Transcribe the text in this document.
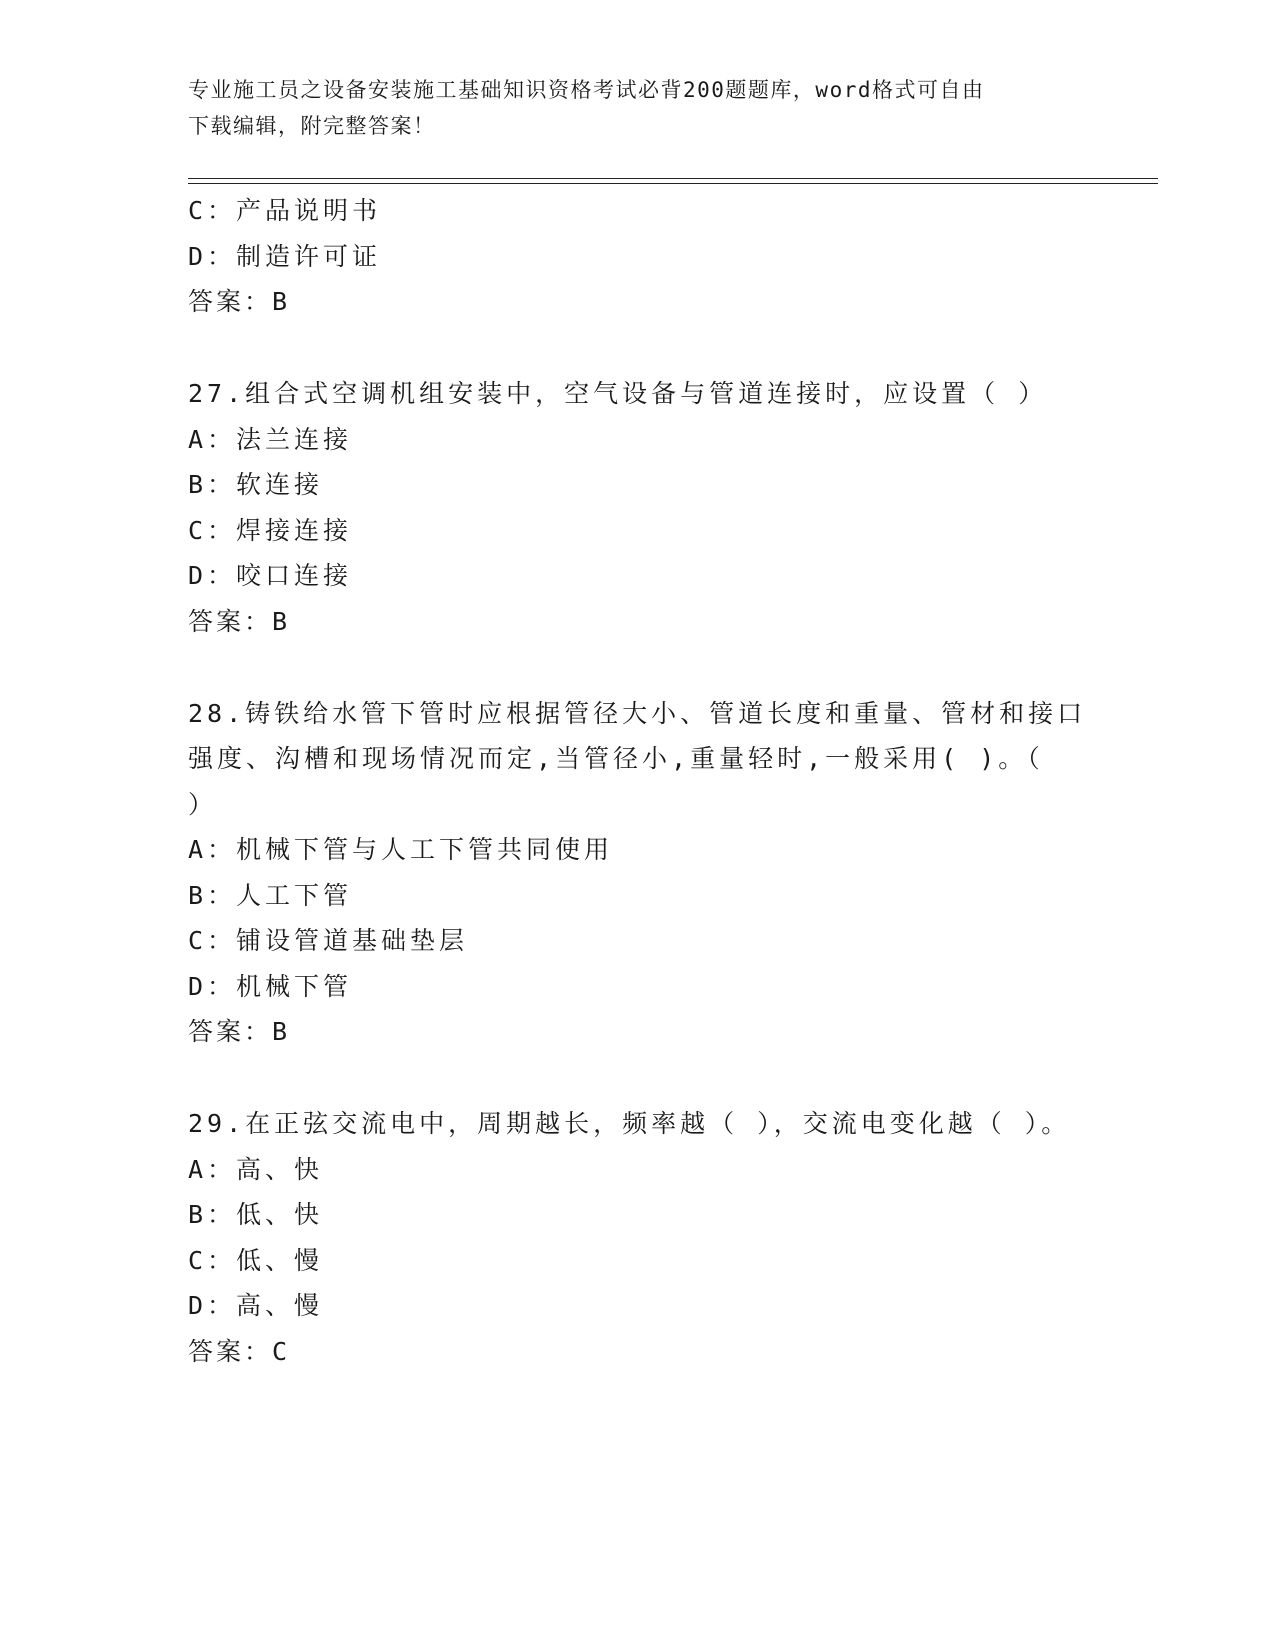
专业施工员之设备安装施工基础知识资格考试必背200题题库，word格式可自由
下载编辑，附完整答案！
C：产品说明书
D：制造许可证
答案：B
27.组合式空调机组安装中，空气设备与管道连接时，应设置（ ）
A：法兰连接
B：软连接
C：焊接连接
D：咬口连接
答案：B
28.铸铁给水管下管时应根据管径大小、管道长度和重量、管材和接口
强度、沟槽和现场情况而定,当管径小,重量轻时,一般采用( )。（
）
A：机械下管与人工下管共同使用
B：人工下管
C：铺设管道基础垫层
D：机械下管
答案：B
29.在正弦交流电中，周期越长，频率越（ ），交流电变化越（ ）。
A：高、快
B：低、快
C：低、慢
D：高、慢
答案：C
